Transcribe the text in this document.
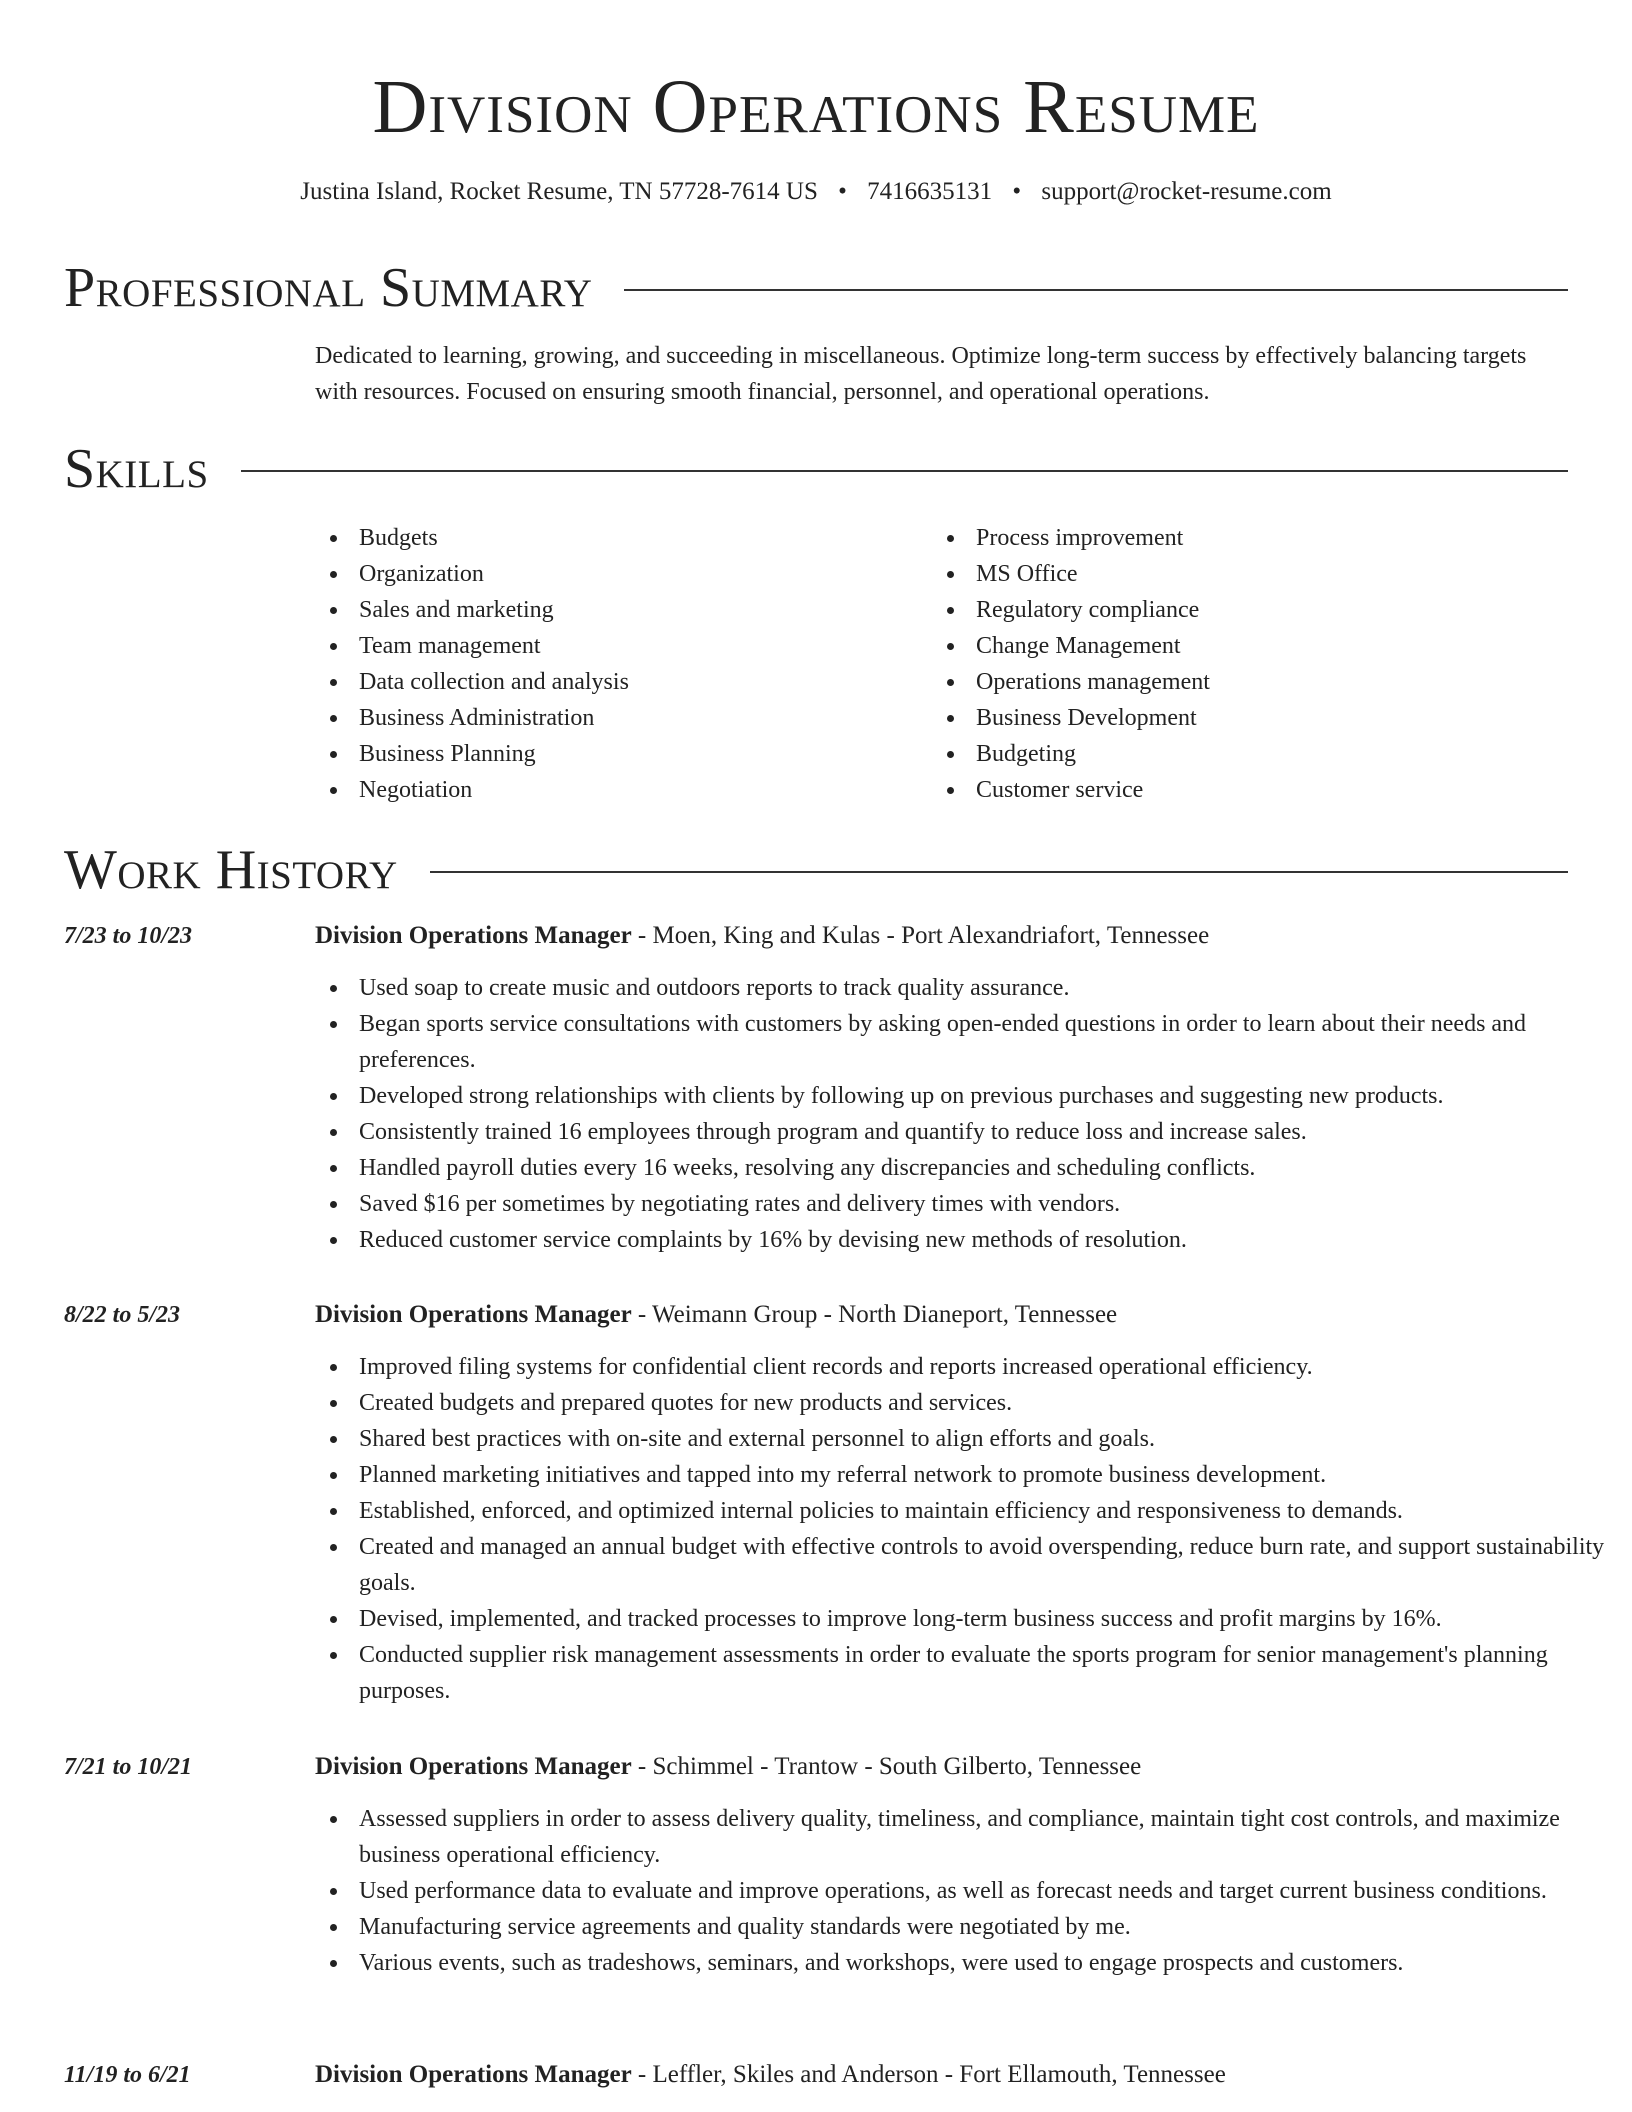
Division Operations Resume
Justina Island, Rocket Resume, TN 57728-7614 US • 7416635131 • support@rocket-resume.com
Professional Summary
Dedicated to learning, growing, and succeeding in miscellaneous. Optimize long-term success by effectively balancing targets with resources. Focused on ensuring smooth financial, personnel, and operational operations.
Skills
Budgets
Organization
Sales and marketing
Team management
Data collection and analysis
Business Administration
Business Planning
Negotiation
Process improvement
MS Office
Regulatory compliance
Change Management
Operations management
Business Development
Budgeting
Customer service
Work History
7/23 to 10/23	Division Operations Manager - Moen, King and Kulas - Port Alexandriafort, Tennessee
Used soap to create music and outdoors reports to track quality assurance.
Began sports service consultations with customers by asking open-ended questions in order to learn about their needs and preferences.
Developed strong relationships with clients by following up on previous purchases and suggesting new products.
Consistently trained 16 employees through program and quantify to reduce loss and increase sales.
Handled payroll duties every 16 weeks, resolving any discrepancies and scheduling conflicts.
Saved $16 per sometimes by negotiating rates and delivery times with vendors.
Reduced customer service complaints by 16% by devising new methods of resolution.
8/22 to 5/23	Division Operations Manager - Weimann Group - North Dianeport, Tennessee
Improved filing systems for confidential client records and reports increased operational efficiency.
Created budgets and prepared quotes for new products and services.
Shared best practices with on-site and external personnel to align efforts and goals.
Planned marketing initiatives and tapped into my referral network to promote business development.
Established, enforced, and optimized internal policies to maintain efficiency and responsiveness to demands.
Created and managed an annual budget with effective controls to avoid overspending, reduce burn rate, and support sustainability goals.
Devised, implemented, and tracked processes to improve long-term business success and profit margins by 16%.
Conducted supplier risk management assessments in order to evaluate the sports program for senior management's planning purposes.
7/21 to 10/21	Division Operations Manager - Schimmel - Trantow - South Gilberto, Tennessee
Assessed suppliers in order to assess delivery quality, timeliness, and compliance, maintain tight cost controls, and maximize business operational efficiency.
Used performance data to evaluate and improve operations, as well as forecast needs and target current business conditions.
Manufacturing service agreements and quality standards were negotiated by me.
Various events, such as tradeshows, seminars, and workshops, were used to engage prospects and customers.
11/19 to 6/21	Division Operations Manager - Leffler, Skiles and Anderson - Fort Ellamouth, Tennessee
